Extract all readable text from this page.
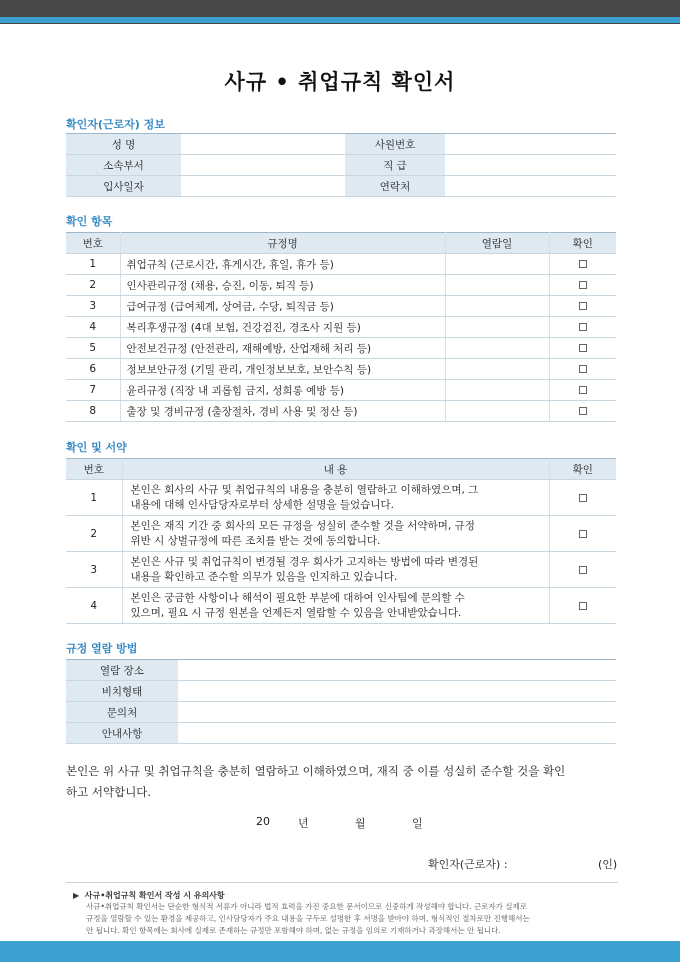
사규 • 취업규칙 확인서
확인자(근로자) 정보
성 명		사원번호	
소속부서		직 급	
입사일자		연락처	
확인 항목
번호	규정명	열람일	확인
1	취업규칙 (근로시간, 휴게시간, 휴일, 휴가 등)		
2	인사관리규정 (채용, 승진, 이동, 퇴직 등)		
3	급여규정 (급여체계, 상여금, 수당, 퇴직금 등)		
4	복리후생규정 (4대 보험, 건강검진, 경조사 지원 등)		
5	안전보건규정 (안전관리, 재해예방, 산업재해 처리 등)		
6	정보보안규정 (기밀 관리, 개인정보보호, 보안수칙 등)		
7	윤리규정 (직장 내 괴롭힘 금지, 성희롱 예방 등)		
8	출장 및 경비규정 (출장절차, 경비 사용 및 정산 등)		
확인 및 서약
번호	내 용	확인
1	본인은 회사의 사규 및 취업규칙의 내용을 충분히 열람하고 이해하였으며, 그
내용에 대해 인사담당자로부터 상세한 설명을 들었습니다.	

2	본인은 재직 기간 중 회사의 모든 규정을 성실히 준수할 것을 서약하며, 규정
위반 시 상벌규정에 따른 조치를 받는 것에 동의합니다.	

3	본인은 사규 및 취업규칙이 변경될 경우 회사가 고지하는 방법에 따라 변경된
내용을 확인하고 준수할 의무가 있음을 인지하고 있습니다.	

4	본인은 궁금한 사항이나 해석이 필요한 부분에 대하여 인사팀에 문의할 수
있으며, 필요 시 규정 원본을 언제든지 열람할 수 있음을 안내받았습니다.	

규정 열람 방법
열람 장소	
비치형태	
문의처	
안내사항	
본인은 위 사규 및 취업규칙을 충분히 열람하고 이해하였으며, 재직 중 이를 성실히 준수할 것을 확인
하고 서약합니다.
20	년	월	일
확인자(근로자) :	(인)
▶ 사규•취업규칙 확인서 작성 시 유의사항
사규•취업규칙 확인서는 단순한 형식적 서류가 아니라 법적 효력을 가진 중요한 문서이므로 신중하게 작성해야 합니다. 근로자가 실제로
규정을 열람할 수 있는 환경을 제공하고, 인사담당자가 주요 내용을 구두로 설명한 후 서명을 받아야 하며, 형식적인 절차로만 진행해서는
안 됩니다. 확인 항목에는 회사에 실제로 존재하는 규정만 포함해야 하며, 없는 규정을 임의로 기재하거나 과장해서는 안 됩니다.
